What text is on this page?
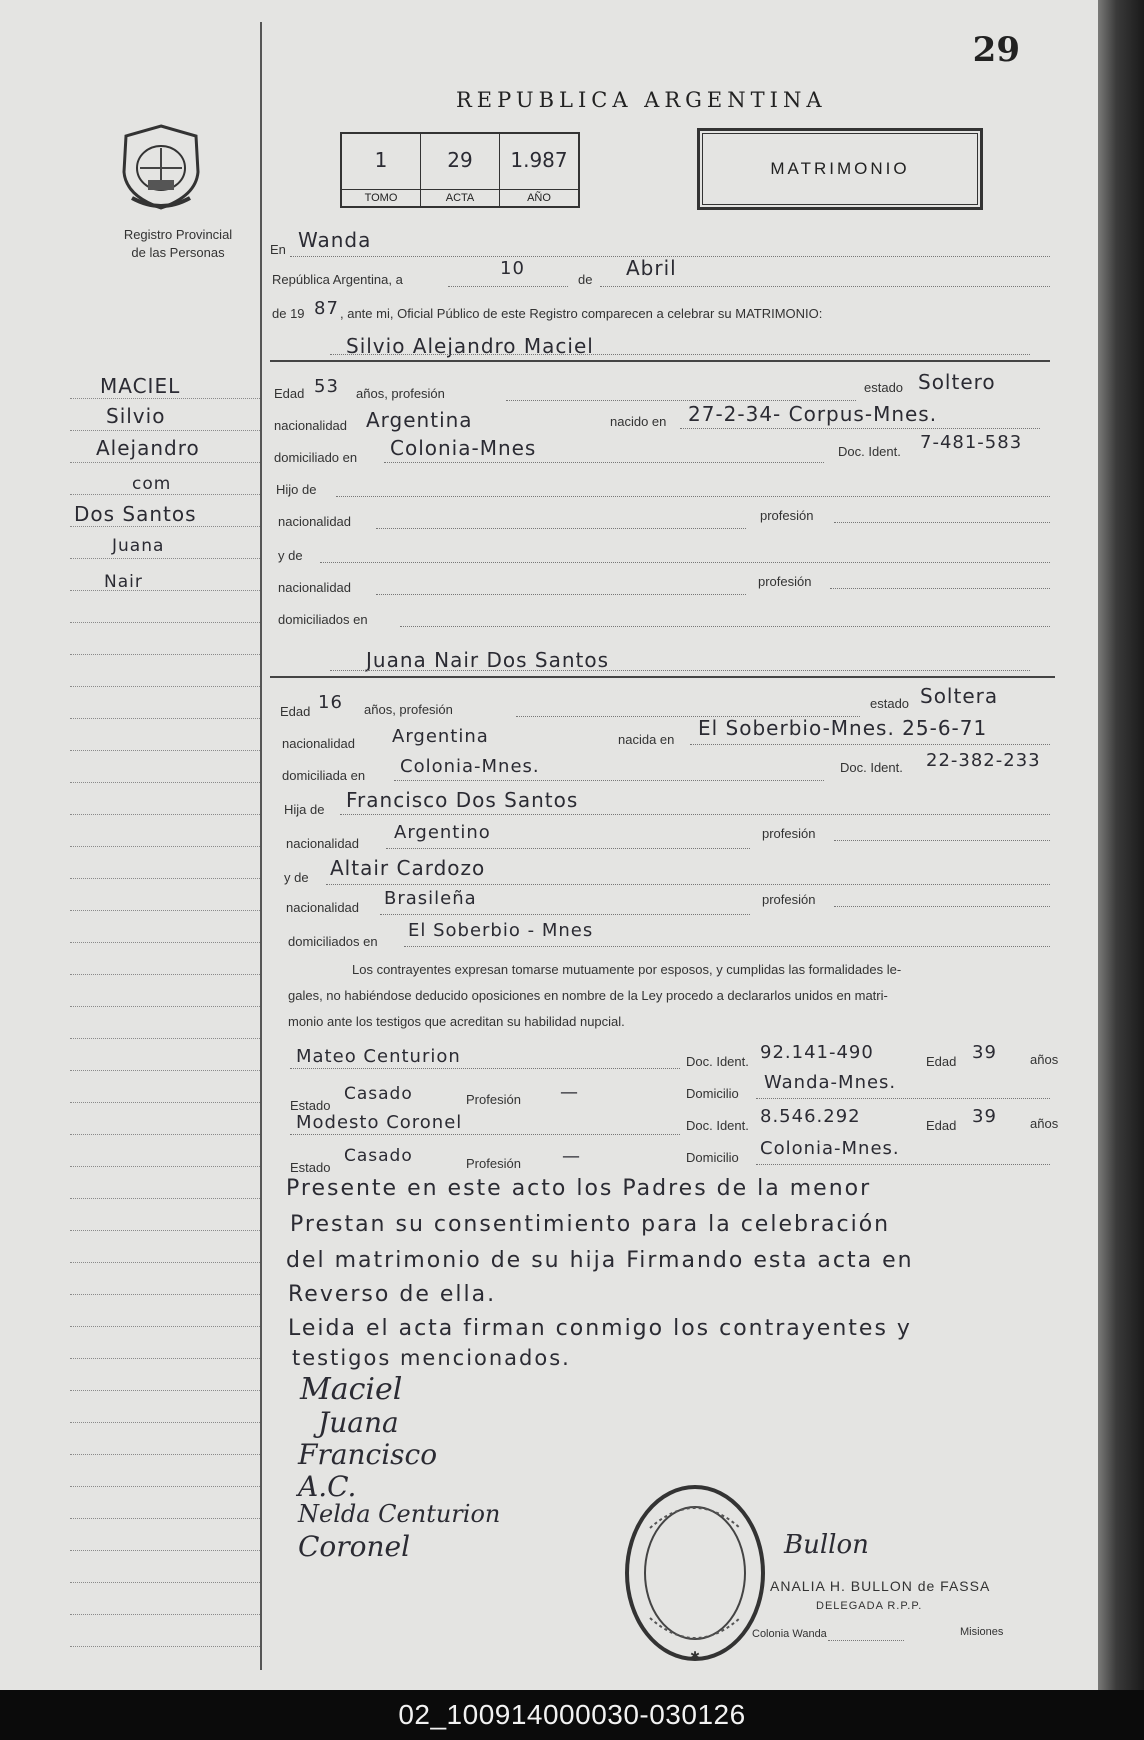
29
REPUBLICA ARGENTINA
Registro Provincial
de las Personas
1
TOMO
29
ACTA
1.987
AÑO
MATRIMONIO
MACIEL
Silvio
Alejandro
com
Dos Santos
Juana
Nair
En Wanda
República Argentina, a
10
de Abril
de 19 87 , ante mi, Oficial Público de este Registro comparecen a celebrar su MATRIMONIO:
Silvio Alejandro Maciel
Edad 53 años, profesión	estado Soltero
nacionalidad Argentina	nacido en 27-2-34- Corpus-Mnes.
domiciliado en Colonia-Mnes	Doc. Ident. 7-481-583
Hijo de
nacionalidad	profesión
y de
nacionalidad	profesión
domiciliados en
Juana Nair Dos Santos
Edad 16 años, profesión	estado Soltera
nacionalidad Argentina	nacida en El Soberbio-Mnes. 25-6-71
domiciliada en Colonia-Mnes.	Doc. Ident. 22-382-233
Hija de Francisco Dos Santos
nacionalidad
Argentino	profesión
y de Altair Cardozo
nacionalidad Brasileña	profesión
domiciliados en
El Soberbio - Mnes
Los contrayentes expresan tomarse mutuamente por esposos, y cumplidas las formalidades le-
gales, no habiéndose deducido oposiciones en nombre de la Ley procedo a declararlos unidos en matri-
monio ante los testigos que acreditan su habilidad nupcial.
Mateo Centurion	Doc. Ident. 92.141-490	Edad 39	años
Estado
Casado	Profesión —	Domicilio
Wanda-Mnes.
Modesto Coronel	Doc. Ident. 8.546.292	Edad 39	años
Estado
Casado	Profesión —	Domicilio Colonia-Mnes.
Presente en este acto los Padres de la menor
Prestan su consentimiento para la celebración
del matrimonio de su hija Firmando esta acta en
Reverso de ella.
Leida el acta firman conmigo los contrayentes y
testigos mencionados.
Maciel
Juana
Francisco
A.C.
Nelda Centurion
Coronel
✱
Bullon
ANALIA H. BULLON de FASSA
DELEGADA R.P.P.
Colonia Wanda	Misiones
02_100914000030-030126
